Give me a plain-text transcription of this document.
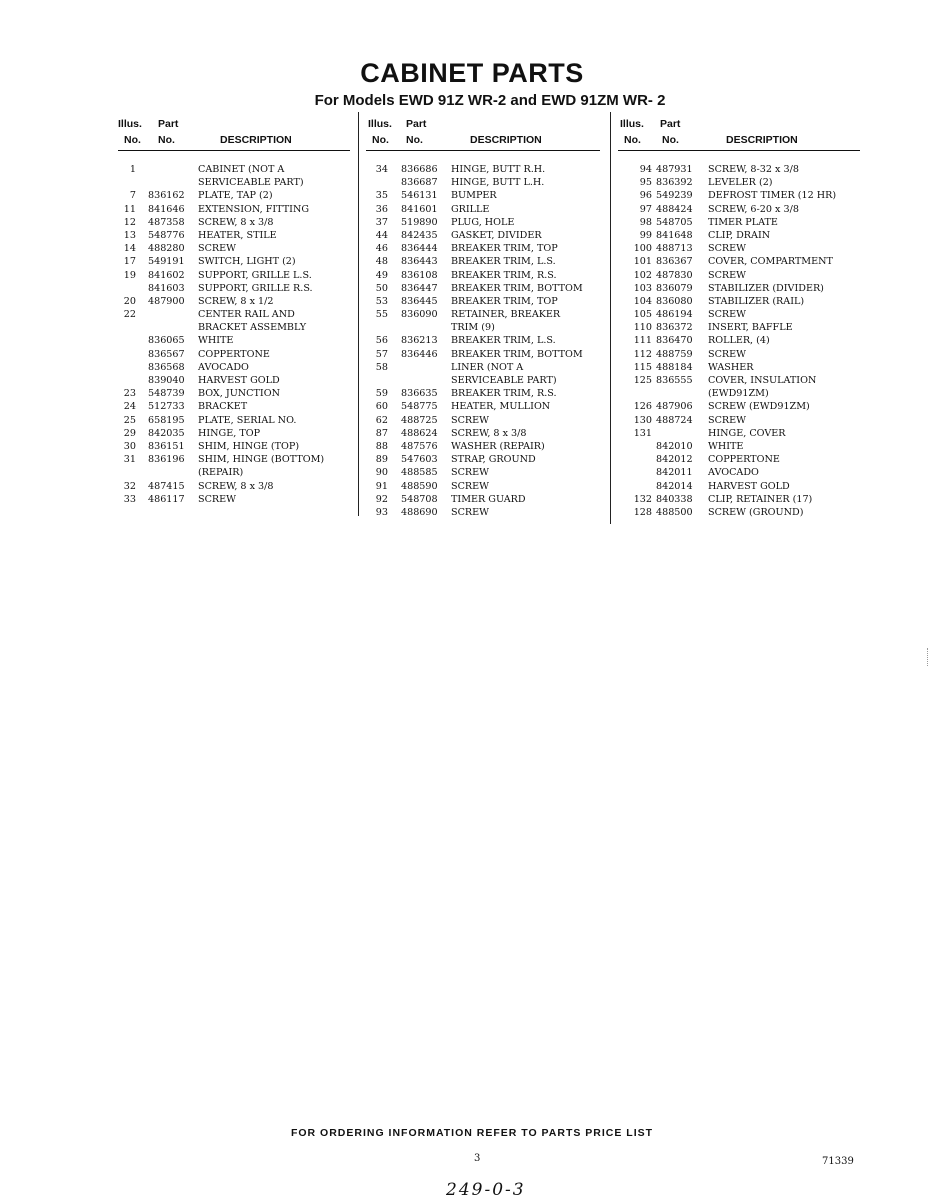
CABINET PARTS
For Models EWD 91Z WR-2 and EWD 91ZM WR- 2
Illus. Part
No. No.	DESCRIPTION
1	CABINET (NOT A
SERVICEABLE PART)
7 836162 PLATE, TAP (2)
11 841646 EXTENSION, FITTING
12 487358 SCREW, 8 x 3/8
13 548776 HEATER, STILE
14 488280 SCREW
17 549191 SWITCH, LIGHT (2)
19 841602 SUPPORT, GRILLE L.S.
841603 SUPPORT, GRILLE R.S.
20 487900 SCREW, 8 x 1/2
22	CENTER RAIL AND
BRACKET ASSEMBLY
836065 WHITE
836567 COPPERTONE
836568 AVOCADO
839040 HARVEST GOLD
23 548739 BOX, JUNCTION
24 512733 BRACKET
25 658195 PLATE, SERIAL NO.
29 842035 HINGE, TOP
30 836151 SHIM, HINGE (TOP)
31 836196 SHIM, HINGE (BOTTOM)
(REPAIR)
32 487415 SCREW, 8 x 3/8
33 486117 SCREW
Illus. Part
No. No.	DESCRIPTION
34 836686 HINGE, BUTT R.H.
836687 HINGE, BUTT L.H.
35 546131 BUMPER
36 841601 GRILLE
37 519890 PLUG, HOLE
44 842435 GASKET, DIVIDER
46 836444 BREAKER TRIM, TOP
48 836443 BREAKER TRIM, L.S.
49 836108 BREAKER TRIM, R.S.
50 836447 BREAKER TRIM, BOTTOM
53 836445 BREAKER TRIM, TOP
55 836090 RETAINER, BREAKER
TRIM (9)
56 836213 BREAKER TRIM, L.S.
57 836446 BREAKER TRIM, BOTTOM
58	LINER (NOT A
SERVICEABLE PART)
59 836635 BREAKER TRIM, R.S.
60 548775 HEATER, MULLION
62 488725 SCREW
87 488624 SCREW, 8 x 3/8
88 487576 WASHER (REPAIR)
89 547603 STRAP, GROUND
90 488585 SCREW
91 488590 SCREW
92 548708 TIMER GUARD
93 488690 SCREW
Illus. Part
No. No.	DESCRIPTION
94 487931 SCREW, 8-32 x 3/8
95 836392 LEVELER (2)
96 549239 DEFROST TIMER (12 HR)
97 488424 SCREW, 6-20 x 3/8
98 548705 TIMER PLATE
99 841648 CLIP, DRAIN
100 488713 SCREW
101 836367 COVER, COMPARTMENT
102 487830 SCREW
103 836079 STABILIZER (DIVIDER)
104 836080 STABILIZER (RAIL)
105 486194 SCREW
110 836372 INSERT, BAFFLE
111 836470 ROLLER, (4)
112 488759 SCREW
115 488184 WASHER
125 836555 COVER, INSULATION
(EWD91ZM)
126 487906 SCREW (EWD91ZM)
130 488724 SCREW
131	HINGE, COVER
842010 WHITE
842012 COPPERTONE
842011 AVOCADO
842014 HARVEST GOLD
132 840338 CLIP, RETAINER (17)
128 488500 SCREW (GROUND)
FOR ORDERING INFORMATION REFER TO PARTS PRICE LIST
3	71339
249-0-3
